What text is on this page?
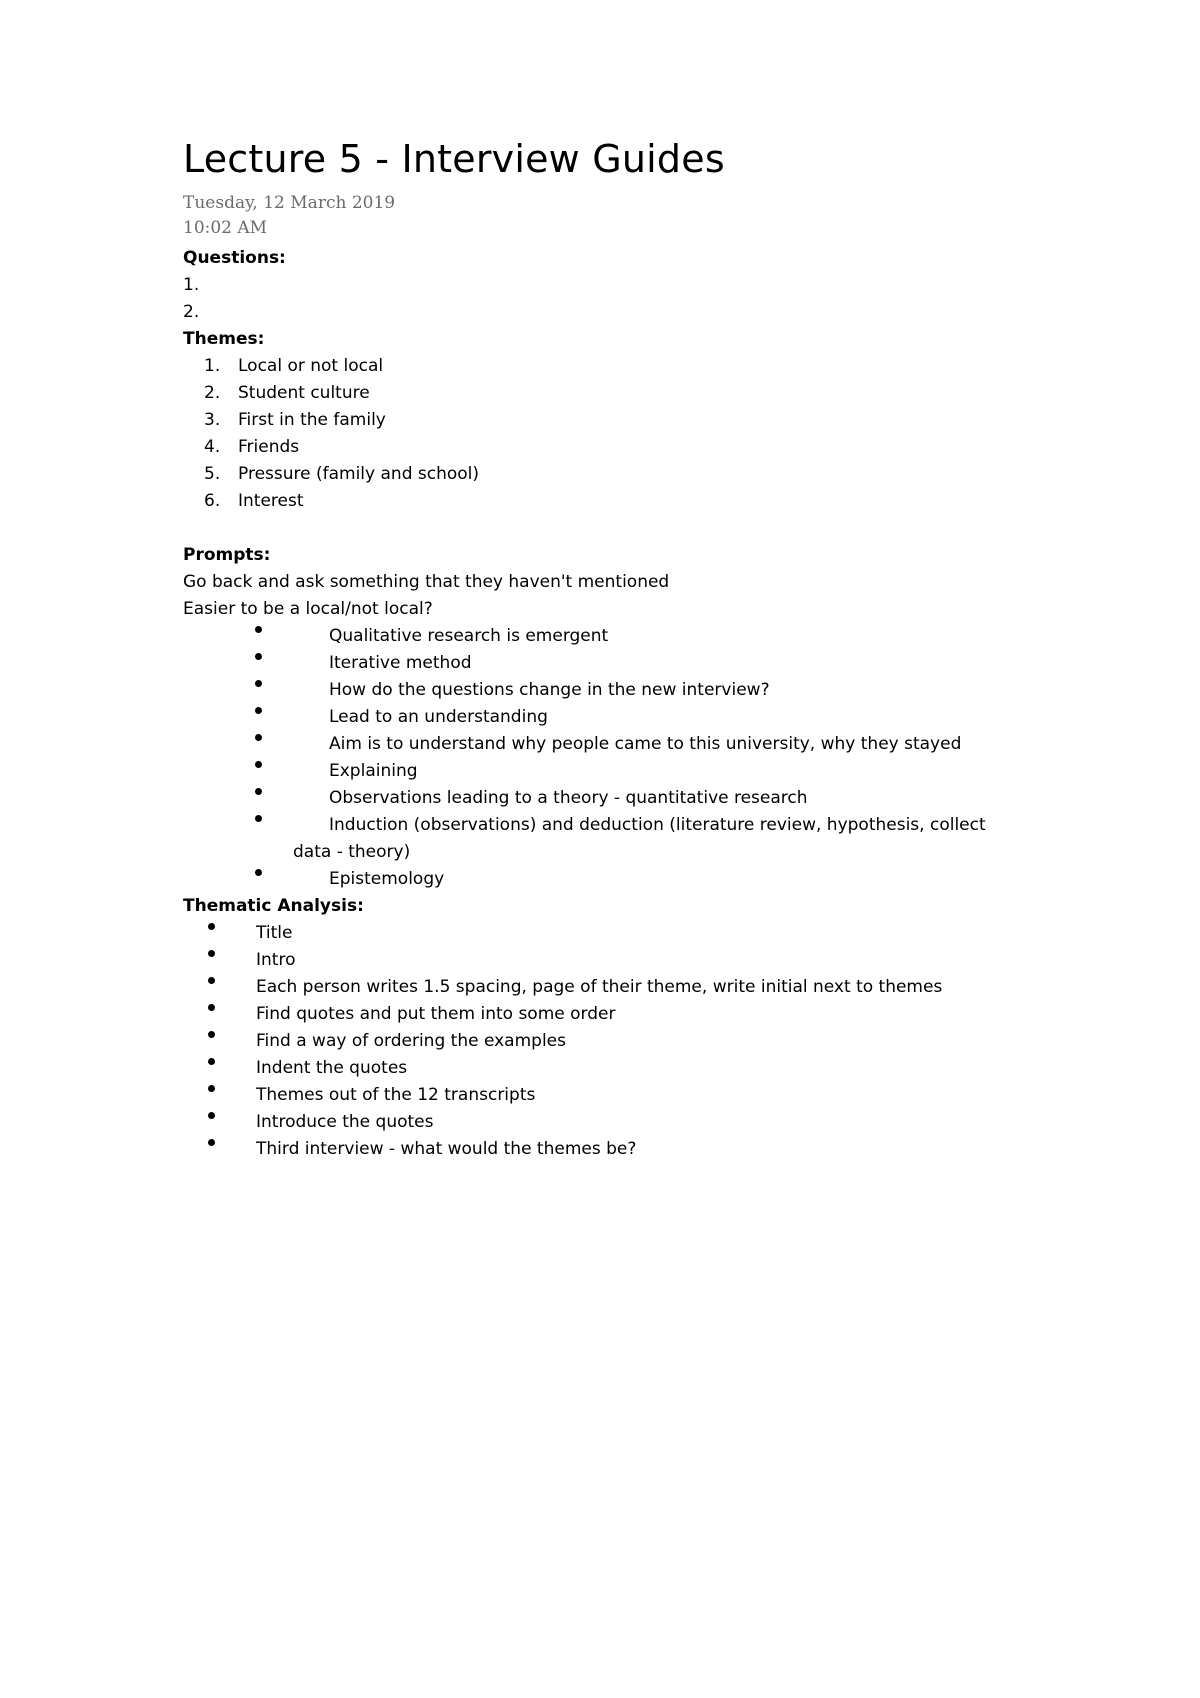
Lecture 5 - Interview Guides
Tuesday, 12 March 2019
10:02 AM
Questions:
1.
2.
Themes:
1. Local or not local
2. Student culture
3. First in the family
4. Friends
5. Pressure (family and school)
6. Interest
Prompts:
Go back and ask something that they haven't mentioned
Easier to be a local/not local?
Qualitative research is emergent
Iterative method
How do the questions change in the new interview?
Lead to an understanding
Aim is to understand why people came to this university, why they stayed
Explaining
Observations leading to a theory - quantitative research
Induction (observations) and deduction (literature review, hypothesis, collect
data - theory)
Epistemology
Thematic Analysis:
Title
Intro
Each person writes 1.5 spacing, page of their theme, write initial next to themes
Find quotes and put them into some order
Find a way of ordering the examples
Indent the quotes
Themes out of the 12 transcripts
Introduce the quotes
Third interview - what would the themes be?
